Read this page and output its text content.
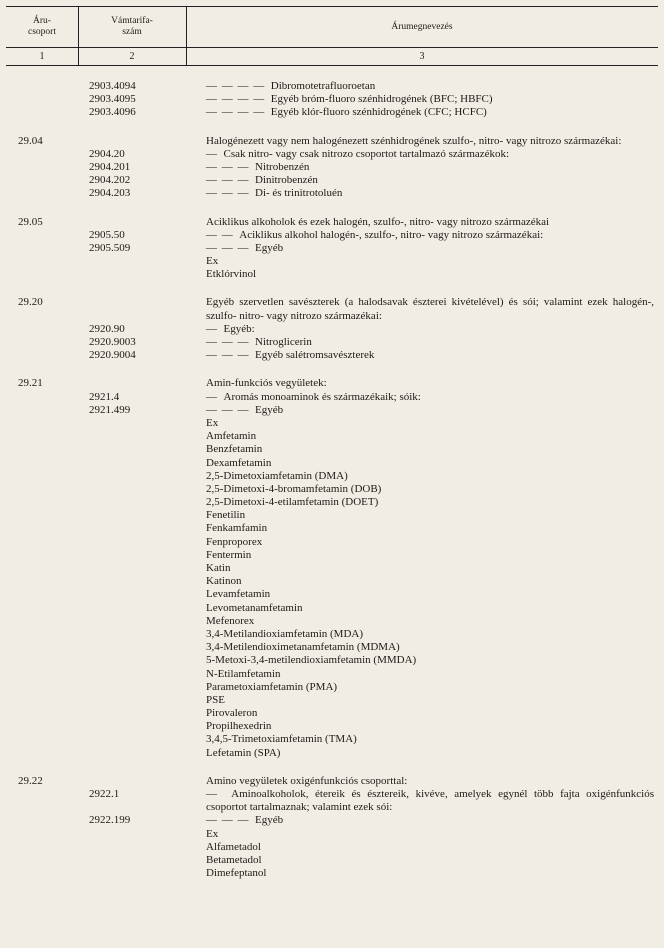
Áru-
csoport
Vámtarifa-
szám
Árumegnevezés
1	2	3
2903.4094	— — — — Dibromotetrafluoroetan
2903.4095	— — — — Egyéb bróm-fluoro szénhidrogének (BFC; HBFC)
2903.4096	— — — — Egyéb klór-fluoro szénhidrogének (CFC; HCFC)
29.04	Halogénezett vagy nem halogénezett szénhidrogének szulfo-, nitro- vagy nitrozo származékai:
2904.20	— Csak nitro- vagy csak nitrozo csoportot tartalmazó származékok:
2904.201	— — — Nitrobenzén
2904.202	— — — Dinitrobenzén
2904.203	— — — Di- és trinitrotoluén
29.05	Aciklikus alkoholok és ezek halogén, szulfo-, nitro- vagy nitrozo származékai
2905.50	— — Aciklikus alkohol halogén-, szulfo-, nitro- vagy nitrozo származékai:
2905.509	— — — Egyéb
Ex
Etklórvinol
29.20	Egyéb szervetlen savészterek (a halodsavak észterei kivételével) és sói; valamint ezek halogén-, szulfo- nitro- vagy nitrozo származékai:
2920.90	— Egyéb:
2920.9003	— — — Nitroglicerin
2920.9004	— — — Egyéb salétromsavészterek
29.21	Amin-funkciós vegyületek:
2921.4	— Aromás monoaminok és származékaik; sóik:
2921.499	— — — Egyéb
Ex
Amfetamin
Benzfetamin
Dexamfetamin
2,5-Dimetoxiamfetamin (DMA)
2,5-Dimetoxi-4-bromamfetamin (DOB)
2,5-Dimetoxi-4-etilamfetamin (DOET)
Fenetilin
Fenkamfamin
Fenproporex
Fentermin
Katin
Katinon
Levamfetamin
Levometanamfetamin
Mefenorex
3,4-Metilandioxiamfetamin (MDA)
3,4-Metilendioximetanamfetamin (MDMA)
5-Metoxi-3,4-metilendioxiamfetamin (MMDA)
N-Etilamfetamin
Parametoxiamfetamin (PMA)
PSE
Pirovaleron
Propilhexedrin
3,4,5-Trimetoxiamfetamin (TMA)
Lefetamin (SPA)
29.22	Amino vegyületek oxigénfunkciós csoporttal:
2922.1	— Aminoalkoholok, étereik és észtereik, kivéve, amelyek egynél több fajta oxigénfunkciós csoportot tartalmaznak; valamint ezek sói:
2922.199	— — — Egyéb
Ex
Alfametadol
Betametadol
Dimefeptanol
